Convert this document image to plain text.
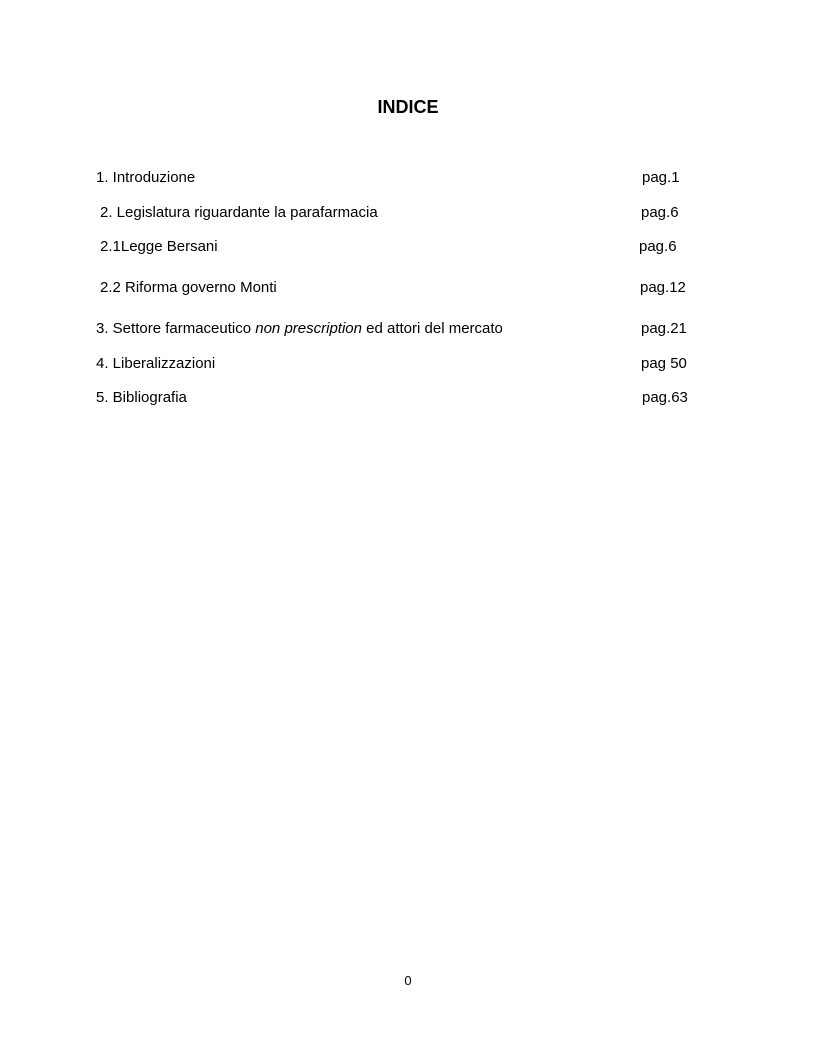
INDICE
1. Introduzione	pag.1
2. Legislatura riguardante la parafarmacia	pag.6
2.1Legge Bersani	pag.6
2.2 Riforma governo Monti	pag.12
3. Settore farmaceutico non prescription ed attori del mercato	pag.21
4. Liberalizzazioni	pag 50
5. Bibliografia	pag.63
0
